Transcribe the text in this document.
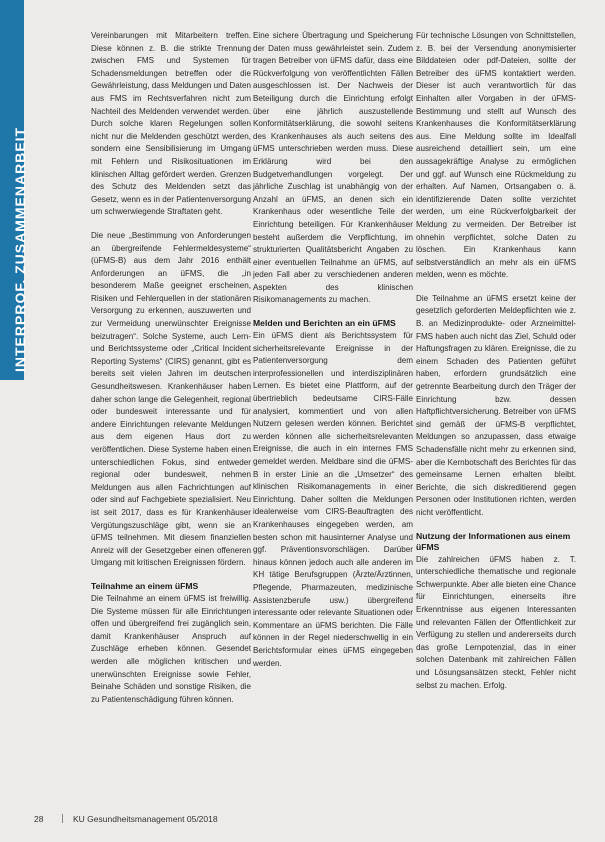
INTERPROF. ZUSAMMENARBEIT

Vereinbarungen mit Mitarbeitern treffen. Diese können z. B. die strikte Trennung zwischen FMS und Systemen für Schadensmeldungen betreffen oder die Gewährleistung, dass Meldungen und Daten aus FMS im Rechtsverfahren nicht zum Nachteil des Meldenden verwendet werden. Durch solche klaren Regelungen sollen nicht nur die Meldenden geschützt werden, sondern eine Sensibilisierung im Umgang mit Fehlern und Risikosituationen im klinischen Alltag gefördert werden. Grenzen des Schutz des Meldenden setzt das Gesetz, wenn es in der Patientenversorgung um schwerwiegende Straftaten geht.

Die neue „Bestimmung von Anforderungen an übergreifende Fehlermeldesysteme“ (üFMS-B) aus dem Jahr 2016 enthält Anforderungen an üFMS, die „in besonderem Maße geeignet erscheinen, Risiken und Fehlerquellen in der stationären Versorgung zu erkennen, auszuwerten und zur Vermeidung unerwünschter Ereignisse beizutragen“. Solche Systeme, auch Lern- und Berichtssysteme oder „Critical Incident Reporting Systems“ (CIRS) genannt, gibt es bereits seit vielen Jahren im deutschen Gesundheitswesen. Krankenhäuser haben daher schon lange die Gelegenheit, regional oder bundesweit interessante und für andere Einrichtungen relevante Meldungen aus dem eigenen Haus dort zu veröffentlichen. Diese Systeme haben einen unterschiedlichen Fokus, sind entweder regional oder bundesweit, nehmen Meldungen aus allen Fachrichtungen auf oder sind auf Fachgebiete spezialisiert. Neu ist seit 2017, dass es für Krankenhäuser Vergütungszuschläge gibt, wenn sie an üFMS teilnehmen. Mit diesem finanziellen Anreiz will der Gesetzgeber einen offeneren Umgang mit kritischen Ereignissen fördern.

Teilnahme an einem üFMS

Die Teilnahme an einem üFMS ist freiwillig. Die Systeme müssen für alle Einrichtungen offen und übergreifend frei zugänglich sein, damit Krankenhäuser Anspruch auf Zuschläge erheben können. Gesendet werden alle möglichen kritischen und unerwünschten Ereignisse sowie Fehler, Beinahe Schäden und sonstige Risiken, die zu Patientenschädigung führen können.

Eine sichere Übertragung und Speicherung der Daten muss gewährleistet sein. Zudem tragen Betreiber von üFMS dafür, dass eine Rückverfolgung von veröffentlichten Fällen ausgeschlossen ist. Der Nachweis der Beteiligung durch die Einrichtung erfolgt über eine jährlich auszustellende Konformitätserklärung, die sowohl seitens des Krankenhauses als auch seitens des üFMS unterschrieben werden muss. Diese Erklärung wird bei den Budgetverhandlungen vorgelegt. Der jährliche Zuschlag ist unabhängig von der Anzahl an üFMS, an denen sich ein Krankenhaus oder wesentliche Teile der Einrichtung beteiligen. Für Krankenhäuser besteht außerdem die Verpflichtung, im strukturierten Qualitätsbericht Angaben zu einer eventuellen Teilnahme an üFMS, auf jeden Fall aber zu verschiedenen anderen Aspekten des klinischen Risikomanagements zu machen.

Melden und Berichten an ein üFMS

Ein üFMS dient als Berichtssystem für sicherheitsrelevante Ereignisse in der Patientenversorgung dem interprofessionellen und interdisziplinären Lernen. Es bietet eine Plattform, auf der übertrieblich bedeutsame CIRS-Fälle analysiert, kommentiert und von allen Nutzern gelesen werden können. Berichtet werden können alle sicherheitsrelevanten Ereignisse, die auch in ein internes FMS gemeldet werden. Meldbare sind die üFMS-B in erster Linie an die „Umsetzer“ des klinischen Risikomanagements in einer Einrichtung. Daher sollten die Meldungen idealerweise vom CIRS-Beauftragten des Krankenhauses eingegeben werden, am besten schon mit hausinterner Analyse und ggf. Präventionsvorschlägen. Darüber hinaus können jedoch auch alle anderen im KH tätige Berufsgruppen (Ärzte/Ärztinnen, Pflegende, Pharmazeuten, medizinische Assistenzberufe usw.) übergreifend interessante oder relevante Situationen oder Kommentare an üFMS berichten. Die Fälle können in der Regel niederschwellig in ein Berichtsformular eines üFMS eingegeben werden.

Für technische Lösungen von Schnittstellen, z. B. bei der Versendung anonymisierter Bilddateien oder pdf-Dateien, sollte der Betreiber des üFMS kontaktiert werden. Dieser ist auch verantwortlich für das Einhalten aller Vorgaben in der üFMS-Bestimmung und stellt auf Wunsch des Krankenhauses die Konformitätserklärung aus. Eine Meldung sollte im Idealfall ausreichend detailliert sein, um eine aussagekräftige Analyse zu ermöglichen und ggf. auf Wunsch eine Rückmeldung zu erhalten. Auf Namen, Ortsangaben o. ä. identifizierende Daten sollte verzichtet werden, um eine Rückverfolgbarkeit der Meldung zu vermeiden. Der Betreiber ist ohnehin verpflichtet, solche Daten zu löschen. Ein Krankenhaus kann selbstverständlich an mehr als ein üFMS melden, wenn es möchte.

Die Teilnahme an üFMS ersetzt keine der gesetzlich geforderten Meldepflichten wie z. B. an Medizinprodukte- oder Arzneimittel-FMS haben auch nicht das Ziel, Schuld oder Haftungsfragen zu klären. Ereignisse, die zu einem Schaden des Patienten geführt haben, erfordern grundsätzlich eine getrennte Bearbeitung durch den Träger der Einrichtung bzw. dessen Haftpflichtversicherung. Betreiber von üFMS sind gemäß der üFMS-B verpflichtet, Meldungen so anzupassen, dass etwaige Schadensfälle nicht mehr zu erkennen sind, aber die Kernbotschaft des Berichtes für das gemeinsame Lernen erhalten bleibt. Berichte, die sich diskreditierend gegen Personen oder Institutionen richten, werden nicht veröffentlicht.

Nutzung der Informationen aus einem üFMS

Die zahlreichen üFMS haben z. T. unterschiedliche thematische und regionale Schwerpunkte. Aber alle bieten eine Chance für Einrichtungen, einerseits ihre Erkenntnisse aus eigenen Interessanten und relevanten Fällen der Öffentlichkeit zur Verfügung zu stellen und andererseits durch das große Lernpotenzial, das in einer solchen Datenbank mit zahlreichen Fällen und Lösungsansätzen steckt, Fehler nicht selbst zu machen. Erfolg.

28	KU Gesundheitsmanagement 05/2018
